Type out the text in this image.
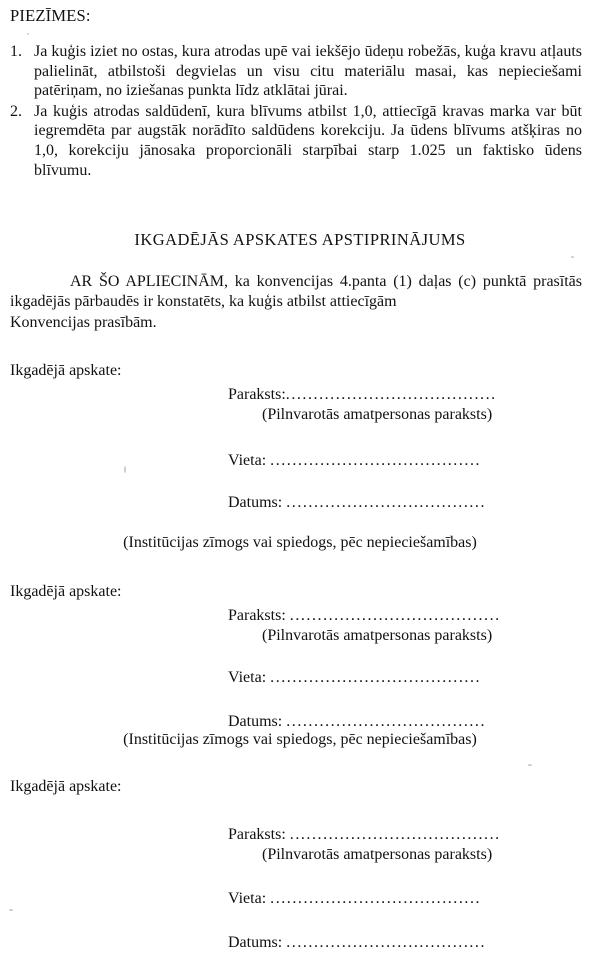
PIEZĪMES:
1. Ja kuģis iziet no ostas, kura atrodas upē vai iekšējo ūdeņu robežās, kuģa kravu atļauts palielināt, atbilstoši degvielas un visu citu materiālu masai, kas nepieciešami patēriņam, no iziešanas punkta līdz atklātai jūrai.
2. Ja kuģis atrodas saldūdenī, kura blīvums atbilst 1,0, attiecīgā kravas marka var būt iegremdēta par augstāk norādīto saldūdens korekciju. Ja ūdens blīvums atšķiras no 1,0, korekciju jānosaka proporcionāli starpībai starp 1.025 un faktisko ūdens blīvumu.
IKGADĒJĀS APSKATES APSTIPRINĀJUMS
AR ŠO APLIECINĀM, ka konvencijas 4.panta (1) daļas (c) punktā prasītās ikgadējās pārbaudēs ir konstatēts, ka kuģis atbilst attiecīgām
Konvencijas prasībām.
Ikgadējā apskate:
Paraksts:......................................
(Pilnvarotās amatpersonas paraksts)
Vieta: ......................................
Datums: ....................................
(Institūcijas zīmogs vai spiedogs, pēc nepieciešamības)
Ikgadējā apskate:
Paraksts: ......................................
(Pilnvarotās amatpersonas paraksts)
Vieta: ......................................
Datums: ....................................
(Institūcijas zīmogs vai spiedogs, pēc nepieciešamības)
Ikgadējā apskate:
Paraksts: ......................................
(Pilnvarotās amatpersonas paraksts)
Vieta: ......................................
Datums: ....................................
